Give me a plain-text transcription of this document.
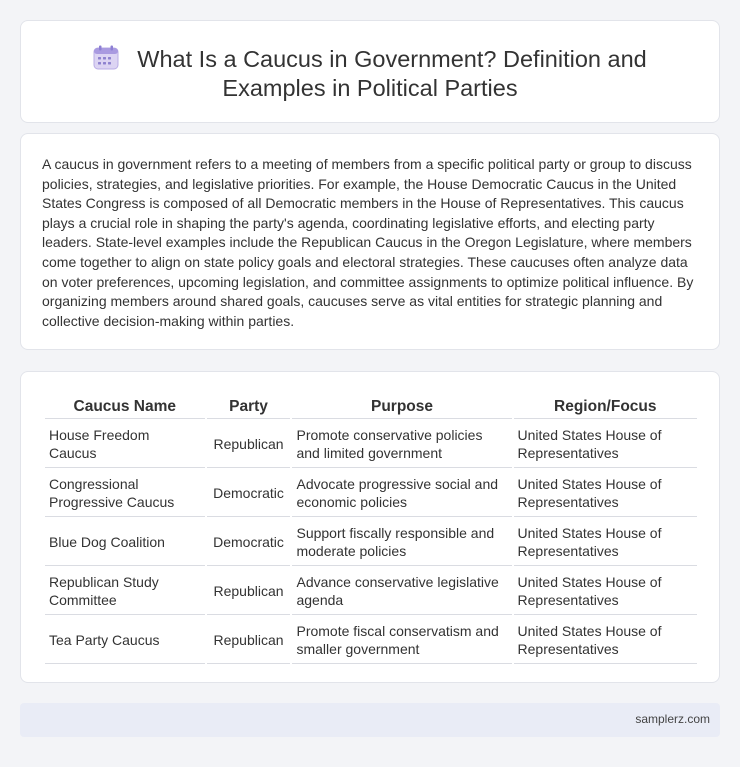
What Is a Caucus in Government? Definition and
Examples in Political Parties

A caucus in government refers to a meeting of members from a specific political party or group to discuss policies, strategies, and legislative priorities. For example, the House Democratic Caucus in the United States Congress is composed of all Democratic members in the House of Representatives. This caucus plays a crucial role in shaping the party's agenda, coordinating legislative efforts, and electing party leaders. State-level examples include the Republican Caucus in the Oregon Legislature, where members come together to align on state policy goals and electoral strategies. These caucuses often analyze data on voter preferences, upcoming legislation, and committee assignments to optimize political influence. By organizing members around shared goals, caucuses serve as vital entities for strategic planning and collective decision-making within parties.

Caucus Name	Party	Purpose	Region/Focus
House Freedom Caucus	Republican	Promote conservative policies and limited government	United States House of Representatives
Congressional Progressive Caucus	Democratic	Advocate progressive social and economic policies	United States House of Representatives
Blue Dog Coalition	Democratic	Support fiscally responsible and moderate policies	United States House of Representatives
Republican Study Committee	Republican	Advance conservative legislative agenda	United States House of Representatives
Tea Party Caucus	Republican	Promote fiscal conservatism and smaller government	United States House of Representatives
samplerz.com
